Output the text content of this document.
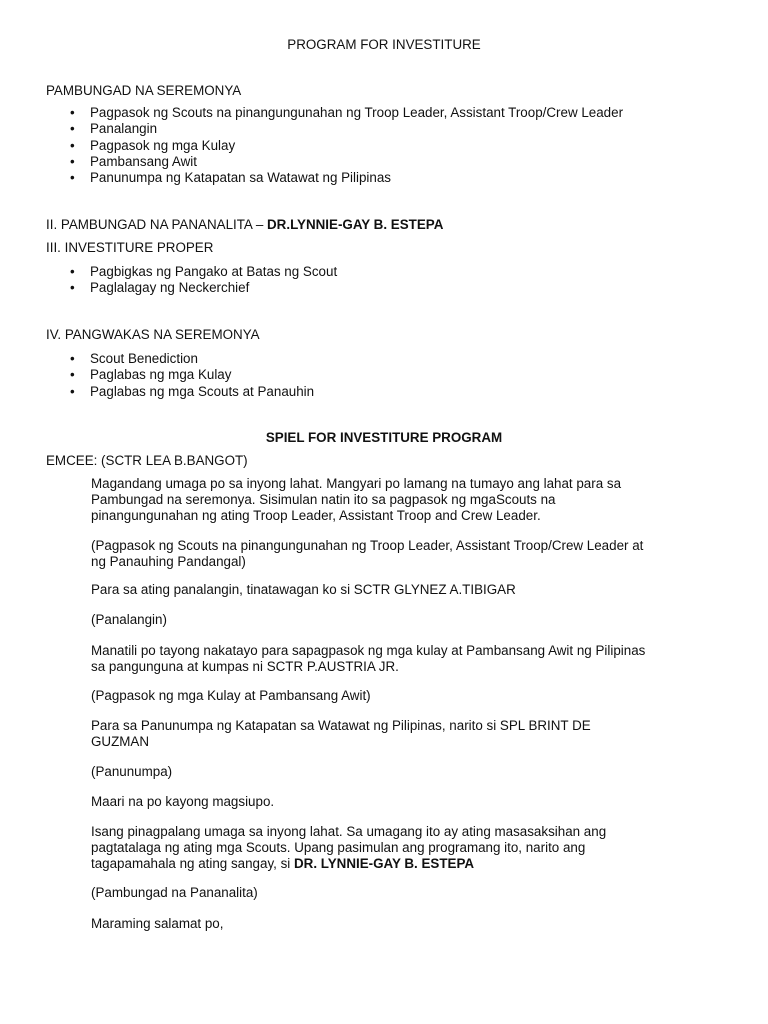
PROGRAM FOR INVESTITURE
PAMBUNGAD NA SEREMONYA
• Pagpasok ng Scouts na pinangungunahan ng Troop Leader, Assistant Troop/Crew Leader
• Panalangin
• Pagpasok ng mga Kulay
• Pambansang Awit
• Panunumpa ng Katapatan sa Watawat ng Pilipinas
II. PAMBUNGAD NA PANANALITA – DR.LYNNIE-GAY B. ESTEPA
III. INVESTITURE PROPER
• Pagbigkas ng Pangako at Batas ng Scout
• Paglalagay ng Neckerchief
IV. PANGWAKAS NA SEREMONYA
• Scout Benediction
• Paglabas ng mga Kulay
• Paglabas ng mga Scouts at Panauhin
SPIEL FOR INVESTITURE PROGRAM
EMCEE: (SCTR LEA B.BANGOT)
Magandang umaga po sa inyong lahat. Mangyari po lamang na tumayo ang lahat para sa
Pambungad na seremonya. Sisimulan natin ito sa pagpasok ng mgaScouts na
pinangungunahan ng ating Troop Leader, Assistant Troop and Crew Leader.
(Pagpasok ng Scouts na pinangungunahan ng Troop Leader, Assistant Troop/Crew Leader at
ng Panauhing Pandangal)
Para sa ating panalangin, tinatawagan ko si SCTR GLYNEZ A.TIBIGAR
(Panalangin)
Manatili po tayong nakatayo para sapagpasok ng mga kulay at Pambansang Awit ng Pilipinas
sa pangunguna at kumpas ni SCTR P.AUSTRIA JR.
(Pagpasok ng mga Kulay at Pambansang Awit)
Para sa Panunumpa ng Katapatan sa Watawat ng Pilipinas, narito si SPL BRINT DE
GUZMAN
(Panunumpa)
Maari na po kayong magsiupo.
Isang pinagpalang umaga sa inyong lahat. Sa umagang ito ay ating masasaksihan ang
pagtatalaga ng ating mga Scouts. Upang pasimulan ang programang ito, narito ang
tagapamahala ng ating sangay, si DR. LYNNIE-GAY B. ESTEPA
(Pambungad na Pananalita)
Maraming salamat po,
